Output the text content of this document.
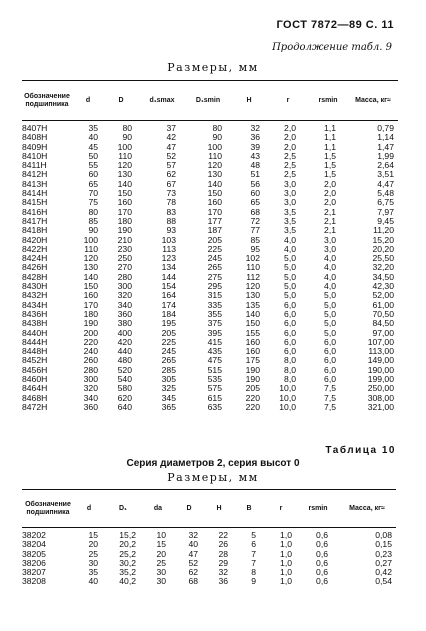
ГОСТ 7872—89 С. 11
Продолжение табл. 9
Размеры, мм
Обозначение подшипника	d	D	d₁smax	D₁smin	H	r	rsmin	Масса, кг≈
8407Н	35	80	37	80	32	2,0	1,1	0,79
8408Н	40	90	42	90	36	2,0	1,1	1,14
8409Н	45	100	47	100	39	2,0	1,1	1,47
8410Н	50	110	52	110	43	2,5	1,5	1,99
8411Н	55	120	57	120	48	2,5	1,5	2,64
8412Н	60	130	62	130	51	2,5	1,5	3,51
8413Н	65	140	67	140	56	3,0	2,0	4,47
8414Н	70	150	73	150	60	3,0	2,0	5,48
8415Н	75	160	78	160	65	3,0	2,0	6,75
8416Н	80	170	83	170	68	3,5	2,1	7,97
8417Н	85	180	88	177	72	3,5	2,1	9,45
8418Н	90	190	93	187	77	3,5	2,1	11,20
8420Н	100	210	103	205	85	4,0	3,0	15,20
8422Н	110	230	113	225	95	4,0	3,0	20,20
8424Н	120	250	123	245	102	5,0	4,0	25,50
8426Н	130	270	134	265	110	5,0	4,0	32,20
8428Н	140	280	144	275	112	5,0	4,0	34,50
8430Н	150	300	154	295	120	5,0	4,0	42,30
8432Н	160	320	164	315	130	5,0	5,0	52,00
8434Н	170	340	174	335	135	6,0	5,0	61,00
8436Н	180	360	184	355	140	6,0	5,0	70,50
8438Н	190	380	195	375	150	6,0	5,0	84,50
8440Н	200	400	205	395	155	6,0	5,0	97,00
8444Н	220	420	225	415	160	6,0	6,0	107,00
8448Н	240	440	245	435	160	6,0	6,0	113,00
8452Н	260	480	265	475	175	8,0	6,0	149,00
8456Н	280	520	285	515	190	8,0	6,0	190,00
8460Н	300	540	305	535	190	8,0	6,0	199,00
8464Н	320	580	325	575	205	10,0	7,5	250,00
8468Н	340	620	345	615	220	10,0	7,5	308,00
8472Н	360	640	365	635	220	10,0	7,5	321,00
Таблица 10
Серия диаметров 2, серия высот 0
Размеры, мм
Обозначение подшипника	d	D₁	da	D	H	B	r	rsmin	Масса, кг≈
38202	15	15,2	10	32	22	5	1,0	0,6	0,08
38204	20	20,2	15	40	26	6	1,0	0,6	0,15
38205	25	25,2	20	47	28	7	1,0	0,6	0,23
38206	30	30,2	25	52	29	7	1,0	0,6	0,27
38207	35	35,2	30	62	32	8	1,0	0,6	0,42
38208	40	40,2	30	68	36	9	1,0	0,6	0,54
